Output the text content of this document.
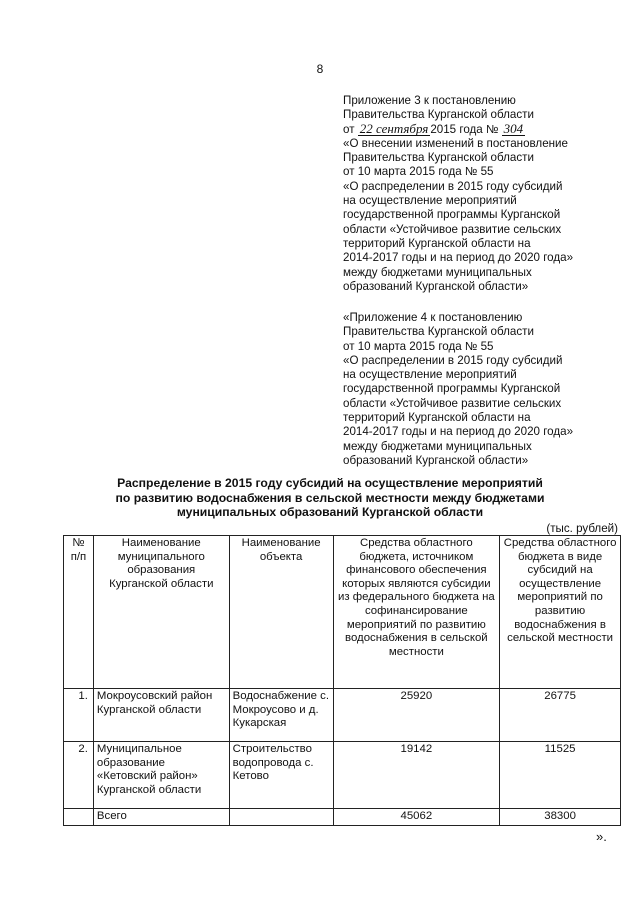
8
Приложение 3 к постановлению
Правительства Курганской области
от 22 сентября 2015 года № 304
«О внесении изменений в постановление
Правительства Курганской области
от 10 марта 2015 года № 55
«О распределении в 2015 году субсидий
на осуществление мероприятий
государственной программы Курганской
области «Устойчивое развитие сельских
территорий Курганской области на
2014-2017 годы и на период до 2020 года»
между бюджетами муниципальных
образований Курганской области»
«Приложение 4 к постановлению
Правительства Курганской области
от 10 марта 2015 года № 55
«О распределении в 2015 году субсидий
на осуществление мероприятий
государственной программы Курганской
области «Устойчивое развитие сельских
территорий Курганской области на
2014-2017 годы и на период до 2020 года»
между бюджетами муниципальных
образований Курганской области»
Распределение в 2015 году субсидий на осуществление мероприятий
по развитию водоснабжения в сельской местности между бюджетами
муниципальных образований Курганской области
(тыс. рублей)
№ п/п	Наименование муниципального образования Курганской области	Наименование объекта	Средства областного бюджета, источником финансового обеспечения которых являются субсидии из федерального бюджета на софинансирование мероприятий по развитию водоснабжения в сельской местности	Средства областного бюджета в виде субсидий на осуществление мероприятий по развитию водоснабжения в сельской местности
1.	Мокроусовский район Курганской области	Водоснабжение с. Мокроусово и д. Кукарская	25920	26775
2.	Муниципальное образование «Кетовский район» Курганской области	Строительство водопровода с. Кетово	19142	11525
	Всего		45062	38300
».
